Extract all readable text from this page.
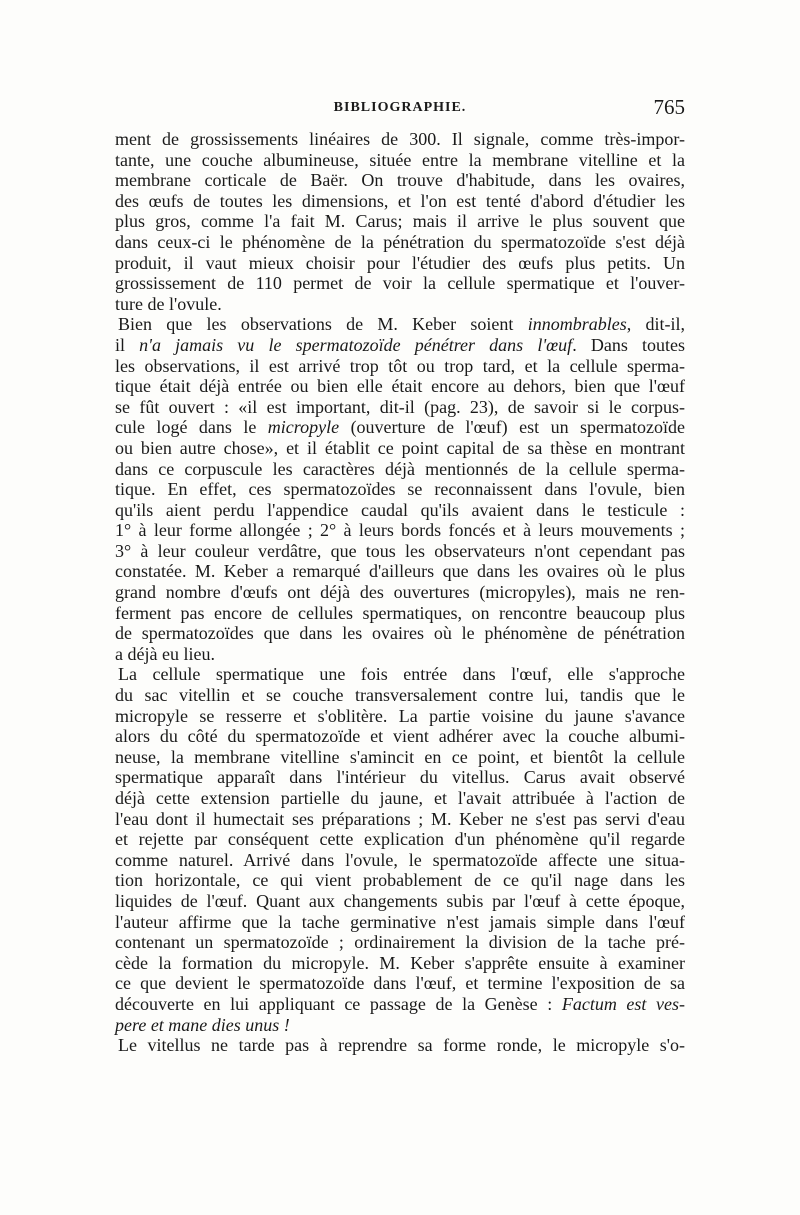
BIBLIOGRAPHIE.	765
ment de grossissements linéaires de 300. Il signale, comme très-impor-
tante, une couche albumineuse, située entre la membrane vitelline et la
membrane corticale de Baër. On trouve d'habitude, dans les ovaires,
des œufs de toutes les dimensions, et l'on est tenté d'abord d'étudier les
plus gros, comme l'a fait M. Carus; mais il arrive le plus souvent que
dans ceux-ci le phénomène de la pénétration du spermatozoïde s'est déjà
produit, il vaut mieux choisir pour l'étudier des œufs plus petits. Un
grossissement de 110 permet de voir la cellule spermatique et l'ouver-
ture de l'ovule.
Bien que les observations de M. Keber soient innombrables, dit-il,
il n'a jamais vu le spermatozoïde pénétrer dans l'œuf. Dans toutes
les observations, il est arrivé trop tôt ou trop tard, et la cellule sperma-
tique était déjà entrée ou bien elle était encore au dehors, bien que l'œuf
se fût ouvert : «il est important, dit-il (pag. 23), de savoir si le corpus-
cule logé dans le micropyle (ouverture de l'œuf) est un spermatozoïde
ou bien autre chose», et il établit ce point capital de sa thèse en montrant
dans ce corpuscule les caractères déjà mentionnés de la cellule sperma-
tique. En effet, ces spermatozoïdes se reconnaissent dans l'ovule, bien
qu'ils aient perdu l'appendice caudal qu'ils avaient dans le testicule :
1° à leur forme allongée ; 2° à leurs bords foncés et à leurs mouvements ;
3° à leur couleur verdâtre, que tous les observateurs n'ont cependant pas
constatée. M. Keber a remarqué d'ailleurs que dans les ovaires où le plus
grand nombre d'œufs ont déjà des ouvertures (micropyles), mais ne ren-
ferment pas encore de cellules spermatiques, on rencontre beaucoup plus
de spermatozoïdes que dans les ovaires où le phénomène de pénétration
a déjà eu lieu.
La cellule spermatique une fois entrée dans l'œuf, elle s'approche
du sac vitellin et se couche transversalement contre lui, tandis que le
micropyle se resserre et s'oblitère. La partie voisine du jaune s'avance
alors du côté du spermatozoïde et vient adhérer avec la couche albumi-
neuse, la membrane vitelline s'amincit en ce point, et bientôt la cellule
spermatique apparaît dans l'intérieur du vitellus. Carus avait observé
déjà cette extension partielle du jaune, et l'avait attribuée à l'action de
l'eau dont il humectait ses préparations ; M. Keber ne s'est pas servi d'eau
et rejette par conséquent cette explication d'un phénomène qu'il regarde
comme naturel. Arrivé dans l'ovule, le spermatozoïde affecte une situa-
tion horizontale, ce qui vient probablement de ce qu'il nage dans les
liquides de l'œuf. Quant aux changements subis par l'œuf à cette époque,
l'auteur affirme que la tache germinative n'est jamais simple dans l'œuf
contenant un spermatozoïde ; ordinairement la division de la tache pré-
cède la formation du micropyle. M. Keber s'apprête ensuite à examiner
ce que devient le spermatozoïde dans l'œuf, et termine l'exposition de sa
découverte en lui appliquant ce passage de la Genèse : Factum est ves-
pere et mane dies unus !
Le vitellus ne tarde pas à reprendre sa forme ronde, le micropyle s'o-
